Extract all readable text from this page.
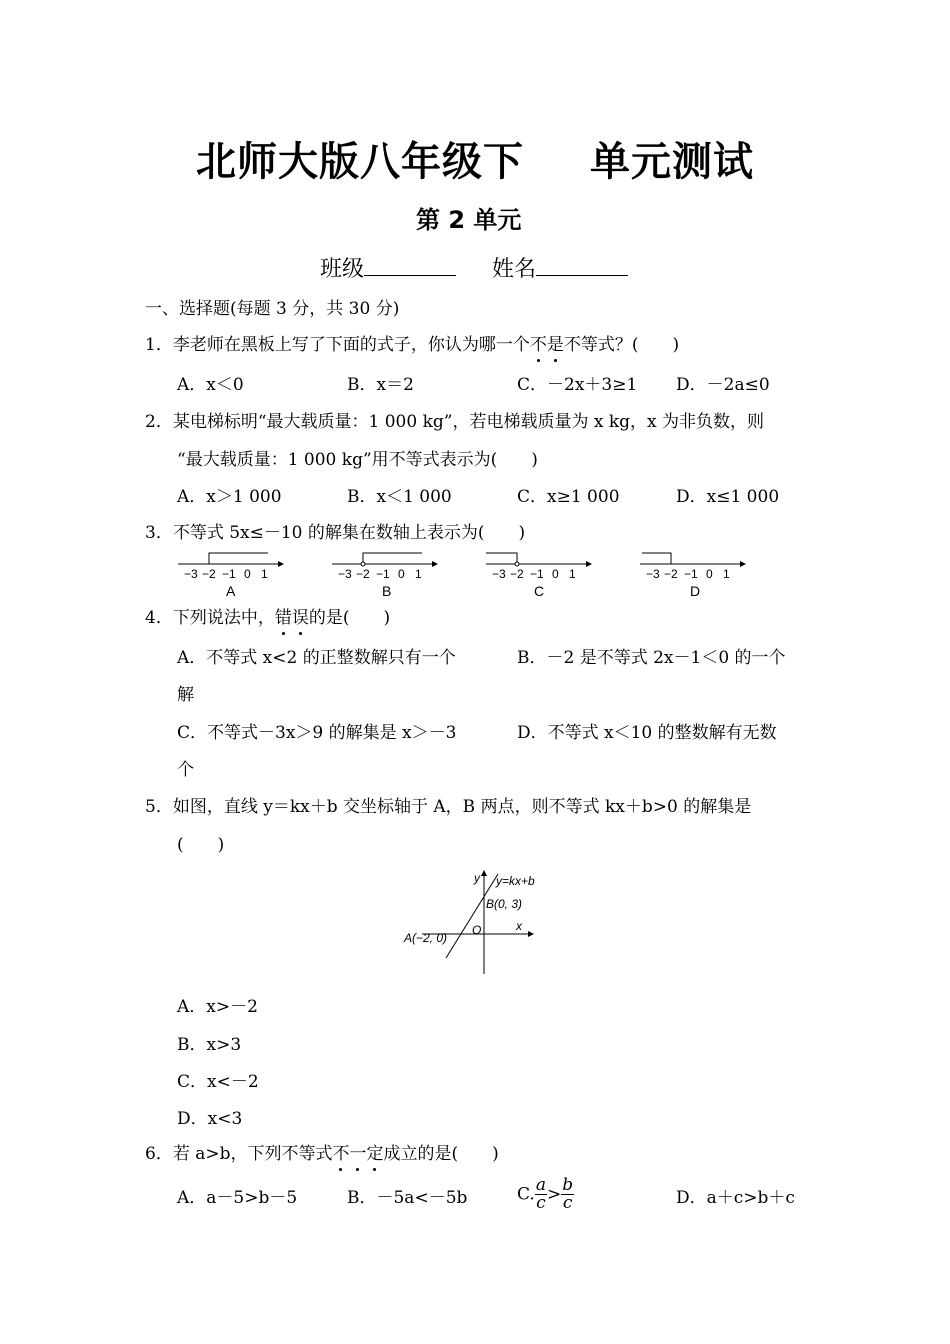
北师大版八年级下 单元测试
第 2 单元
班级	姓名
一、选择题(每题 3 分，共 30 分)
1．李老师在黑板上写了下面的式子，你认为哪一个不是不等式？(　　)
A．x＜0	B．x＝2	C．－2x＋3≥1 D．－2a≤0
2．某电梯标明“最大载质量：1 000 kg”，若电梯载质量为 x kg，x 为非负数，则
“最大载质量：1 000 kg”用不等式表示为(　　)
A．x＞1 000	B．x＜1 000	C．x≥1 000	D．x≤1 000
3．不等式 5x≤－10 的解集在数轴上表示为(　　)
−3 −2 −1 0 1
A
−3 −2 −1 0 1
B
−3 −2 −1 0 1
C
−3 −2 −1 0 1
D
4．下列说法中，错误的是(　　)
A．不等式 x<2 的正整数解只有一个	B．－2 是不等式 2x－1＜0 的一个
解
C．不等式－3x＞9 的解集是 x＞－3	D．不等式 x＜10 的整数解有无数
个
5．如图，直线 y＝kx＋b 交坐标轴于 A，B 两点，则不等式 kx＋b>0 的解集是
(　　)
y y=kx+b
B(0, 3)
A(−2, 0)
O	x
A．x>－2
B．x>3
C．x<－2
D．x<3
6．若 a>b，下列不等式不一定成立的是(　　)
A．a－5>b－5	B．－5a<－5b	C. $\frac{a}{c} > \frac{b}{c}$	D．a＋c>b＋c
